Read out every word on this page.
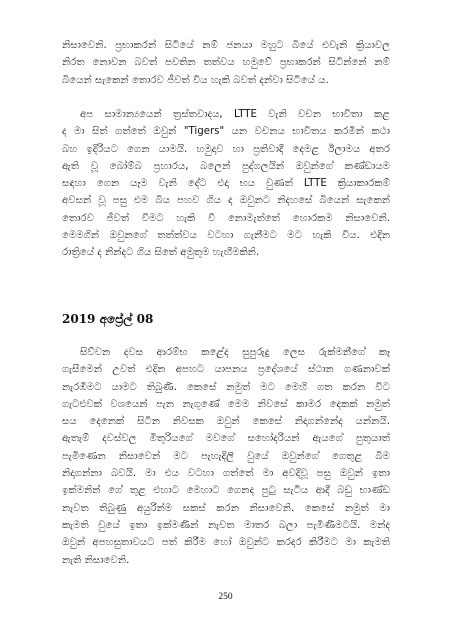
නිසාවෙනි. ප්‍රභාකරන් සිටියේ නම් ජනයා මහුට බියේ එවැනි ක්‍රියාවල
නිරත නොවන බවත් පවතින තත්වය හමුවේ ප්‍රභාකරන් සිටින්නේ නම්
බියෙන් සැකෙන් තොරව ජීවත් විය හැකි බවත් දන්වා සිටියේ ය.
අප සාමාන්‍යයෙන් ත්‍රස්තවාදය, LTTE වැනි වචන භාවිතා කළ
ද මා සිත් ගත්තේ ඔවුන් "Tigers" යන වචනය භාවිතය කරමින් කථා
බහ ඉදිරියට ගෙන යාමයි. හමුදාව හා ප්‍රතිවාදී දෙමළ ඊලාමය අතර
ඇති වූ බෝම්බ ප්‍රහාරය, බලෙන් පුද්ගලයින් ඔවුන්ගේ කණ්ඩායම
සඳහා ගෙන යෑම වැනි දේට එදා භය වුණත් LTTE ක්‍රියාකාරකම්
අවසන් වූ පසු එම බිය පහව ගිය ද ඔවුනට නිදහසේ බියෙන් සැකෙන්
තොරව ජීවත් වීමට හැකි වී නොමැත්තේ හොරකම නිසාවෙනි.
මෙමගින් ඔවුනගේ තත්ත්වය වටහා ගැනීමට මට හැකි විය. එදින
රාත්‍රියේ ද නින්දට ගිය සිතේ අමුතුම හැඟීමකිනි.
2019 අප්‍රේල් 08
සිව්වන දවස ආරම්භ කළේද සුපුරුදු ලෙස රුක්මනීගේ කෑ
ගැසීමෙන් උවත් එදින අපහට යාපනය ප්‍රදේශයේ ස්ථාන ගණනාවක්
නැරඹීමට යාමට තිබුණි. කෙසේ නමුත් මට මෙහි ගත කරන විට
ගැටළුවක් වශයෙන් පැන නැගුණේ මෙම නිවසේ කාමර දෙකක් නමුත්
සය දෙනෙක් සිටින නිවසක ඔවුන් කෙසේ නිදාගන්නේද යන්නයි.
ඇතැම් දවස්වල මිතුරියගේ මවගේ සහෝදරියන් ඇයගේ පුතුයාත්
පැමිණෙන නිසාවෙන් මට පැහැදිලි වුයේ ඔවුන්ගේ ගෙතුළ බිම
නිදාගන්නා බවයි. මා එය වටහා ගත්තේ මා අවදිවූ පසු ඔවුන් ඉතා
ඉක්මනින් ගේ තුළ එහාට මෙහාට ගෙනද පුටු සැටිය ආදී බඩු භාණ්ඩ
නැවත තිබුණු අයුරින්ම සකස් කරන නිසාවෙනි. කෙසේ නමුත් මා
කැමති වුයේ ඉතා ඉක්මණින් නැවත මාතර බලා පැමිණීමටයි. මන්ද
ඔවුන් අපහසුතාවයට පත් කිරීම හෝ ඔවුන්ට කරදර කිරීමට මා කැමති
නැති නිසාවෙනි.
250
